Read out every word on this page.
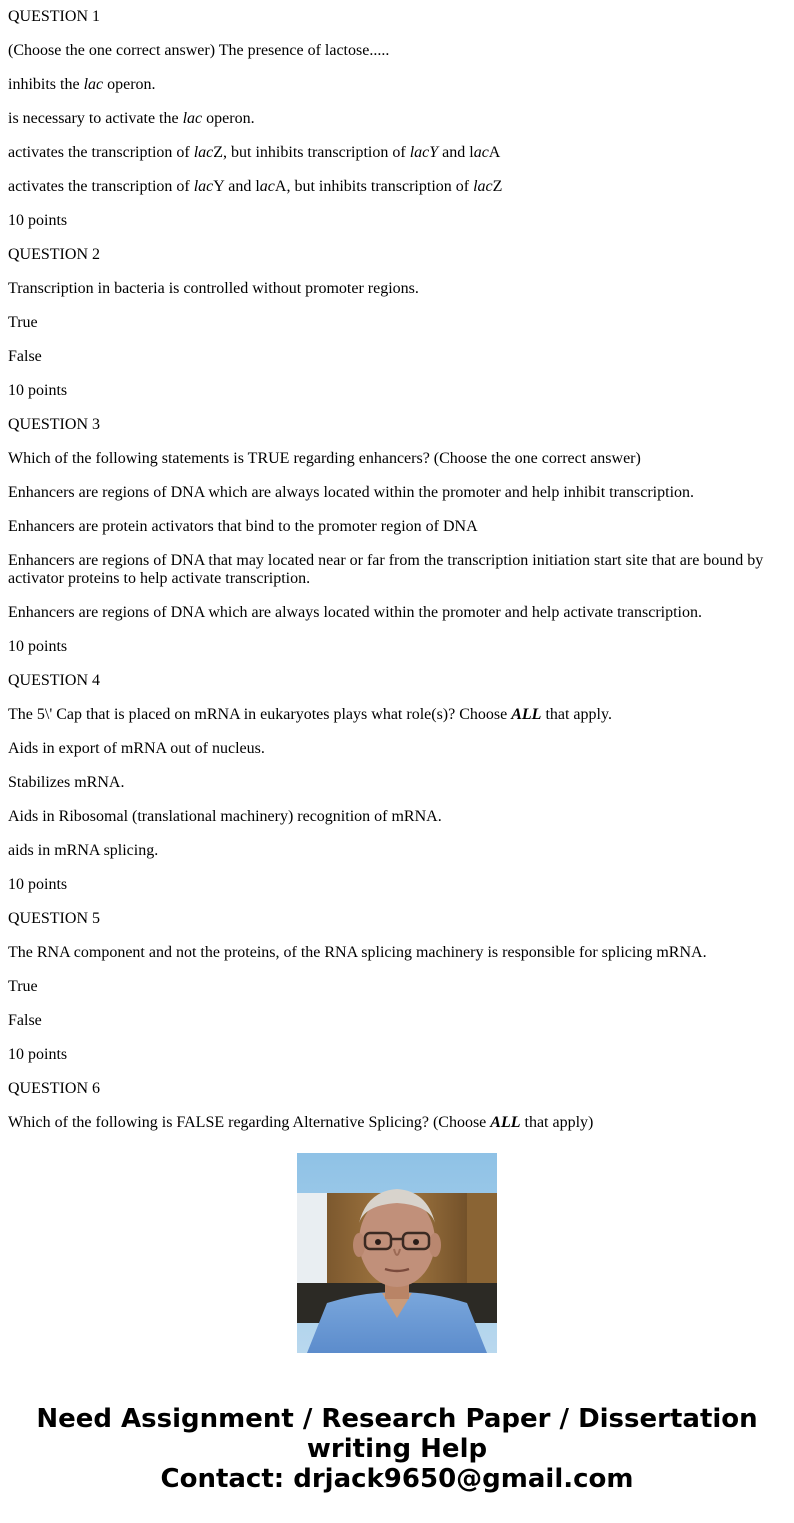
QUESTION 1

(Choose the one correct answer) The presence of lactose.....

inhibits the lac operon.

is necessary to activate the lac operon.

activates the transcription of lacZ, but inhibits transcription of lacY and lacA

activates the transcription of lacY and lacA, but inhibits transcription of lacZ

10 points

QUESTION 2

Transcription in bacteria is controlled without promoter regions.

True

False

10 points

QUESTION 3

Which of the following statements is TRUE regarding enhancers? (Choose the one correct answer)

Enhancers are regions of DNA which are always located within the promoter and help inhibit transcription.

Enhancers are protein activators that bind to the promoter region of DNA

Enhancers are regions of DNA that may located near or far from the transcription initiation start site that are bound by activator proteins to help activate transcription.

Enhancers are regions of DNA which are always located within the promoter and help activate transcription.

10 points

QUESTION 4

The 5\' Cap that is placed on mRNA in eukaryotes plays what role(s)? Choose ALL that apply.

Aids in export of mRNA out of nucleus.

Stabilizes mRNA.

Aids in Ribosomal (translational machinery) recognition of mRNA.

aids in mRNA splicing.

10 points

QUESTION 5

The RNA component and not the proteins, of the RNA splicing machinery is responsible for splicing mRNA.

True

False

10 points

QUESTION 6

Which of the following is FALSE regarding Alternative Splicing? (Choose ALL that apply)

Need Assignment / Research Paper / Dissertation
writing Help
Contact: drjack9650@gmail.com
